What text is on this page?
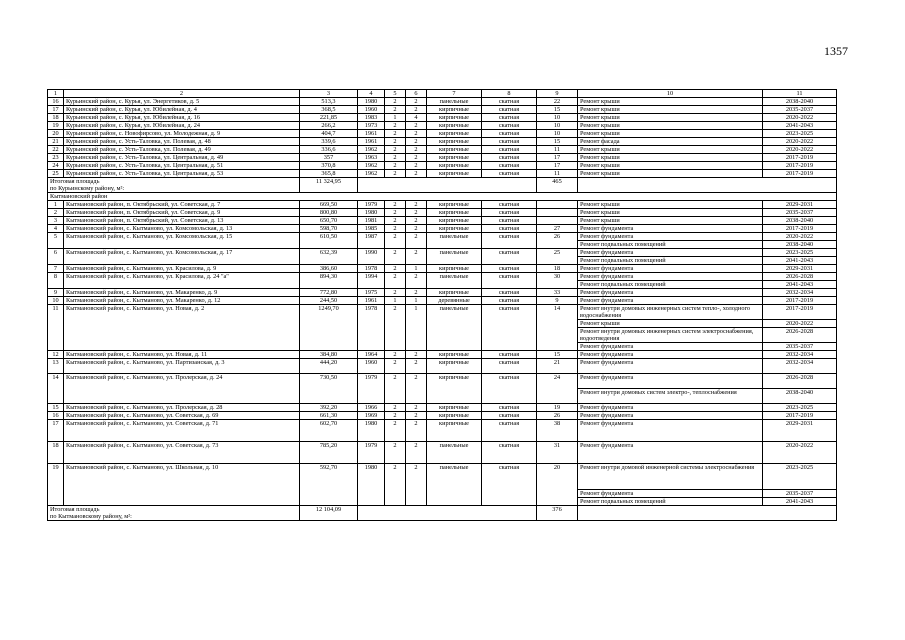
1357
1	2	3	4	5	6	7	8	9	10	11
16	Курьинский район, с. Курья, ул. Энергетиков, д. 5	513,3	1980	2	2	панельные	скатная	22	Ремонт крыши	2038-2040
17	Курьинский район, с. Курья, ул. Юбилейная, д. 4	368,5	1960	2	2	кирпичные	скатная	15	Ремонт крыши	2035-2037
18	Курьинский район, с. Курья, ул. Юбилейная, д. 16	221,85	1983	1	4	кирпичные	скатная	10	Ремонт крыши	2020-2022
19	Курьинский район, с. Курья, ул. Юбилейная, д. 24	266,2	1973	2	2	кирпичные	скатная	10	Ремонт крыши	2041-2043
20	Курьинский район, с. Новофирсово, ул. Молодежная, д. 9	404,7	1961	2	2	кирпичные	скатная	10	Ремонт крыши	2023-2025
21	Курьинский район, с. Усть-Таловка, ул. Полевая, д. 48	339,6	1961	2	2	кирпичные	скатная	15	Ремонт фасада	2020-2022
22	Курьинский район, с. Усть-Таловка, ул. Полевая, д. 49	336,6	1962	2	2	кирпичные	скатная	11	Ремонт крыши	2020-2022
23	Курьинский район, с. Усть-Таловка, ул. Центральная, д. 49	357	1963	2	2	кирпичные	скатная	17	Ремонт крыши	2017-2019
24	Курьинский район, с. Усть-Таловка, ул. Центральная, д. 51	370,8	1962	2	2	кирпичные	скатная	17	Ремонт крыши	2017-2019
25	Курьинский район, с. Усть-Таловка, ул. Центральная, д. 53	365,8	1962	2	2	кирпичные	скатная	11	Ремонт крыши	2017-2019
Итоговая площадь
по Курьинскому району, м²:		11 324,95						465		
Кытмановский район										
1	Кытмановский район, п. Октябрьский, ул. Советская, д. 7	669,50	1979	2	2	кирпичные	скатная		Ремонт крыши	2029-2031
2	Кытмановский район, п. Октябрьский, ул. Советская, д. 9	800,80	1980	2	2	кирпичные	скатная		Ремонт крыши	2035-2037
3	Кытмановский район, п. Октябрьский, ул. Советская, д. 13	650,70	1981	2	2	кирпичные	скатная		Ремонт крыши	2038-2040
4	Кытмановский район, с. Кытманово, ул. Комсомольская, д. 13	598,70	1985	2	2	кирпичные	скатная	27	Ремонт фундамента	2017-2019
5	Кытмановский район, с. Кытманово, ул. Комсомольская, д. 15	610,50	1987	2	2	панельные	скатная	26	Ремонт фундамента	2020-2022
									Ремонт подвальных помещений	2038-2040
6	Кытмановский район, с. Кытманово, ул. Комсомольская, д. 17	632,39	1990	2	2	панельные	скатная	25	Ремонт фундамента	2023-2025
									Ремонт подвальных помещений	2041-2043
7	Кытмановский район, с. Кытманово, ул. Красилова, д. 9	386,60	1978	2	1	кирпичные	скатная	18	Ремонт фундамента	2029-2031
8	Кытмановский район, с. Кытманово, ул. Красилова, д. 24 "а"	894,30	1994	2	2	панельные	скатная	30	Ремонт фундамента	2026-2028
									Ремонт подвальных помещений	2041-2043
9	Кытмановский район, с. Кытманово, ул. Макаренко, д. 9	772,80	1975	2	2	кирпичные	скатная	33	Ремонт фундамента	2032-2034
10	Кытмановский район, с. Кытманово, ул. Макаренко, д. 12	244,50	1961	1	1	деревянные	скатная	9	Ремонт фундамента	2017-2019
11	Кытмановский район, с. Кытманово, ул. Новая, д. 2	1249,70	1978	2	1	панельные	скатная	14	Ремонт внутри домовых инженерных систем тепло-, холодного водоснабжения	2017-2019
									Ремонт крыши	2020-2022
									Ремонт внутри домовых инженерных систем электроснабжения, водоотведения	2026-2028
									Ремонт фундамента	2035-2037
12	Кытмановский район, с. Кытманово, ул. Новая, д. 11	384,80	1964	2	2	кирпичные	скатная	15	Ремонт фундамента	2032-2034
13	Кытмановский район, с. Кытманово, ул. Партизанская, д. 3	444,20	1960	2	2	кирпичные	скатная	21	Ремонт фундамента	2032-2034
14	Кытмановский район, с. Кытманово, ул. Пролерская, д. 24	730,50	1979	2	2	кирпичные	скатная	24	Ремонт фундамента	2026-2028
									Ремонт внутри домовых систем электро-, теплоснабжения	2038-2040
15	Кытмановский район, с. Кытманово, ул. Пролерская, д. 28	392,20	1966	2	2	кирпичные	скатная	19	Ремонт фундамента	2023-2025
16	Кытмановский район, с. Кытманово, ул. Советская, д. 69	661,30	1969	2	2	кирпичные	скатная	26	Ремонт фундамента	2017-2019
17	Кытмановский район, с. Кытманово, ул. Советская, д. 71	602,70	1980	2	2	кирпичные	скатная	38	Ремонт фундамента	2029-2031
18	Кытмановский район, с. Кытманово, ул. Советская, д. 73	785,20	1979	2	2	панельные	скатная	31	Ремонт фундамента	2020-2022
19	Кытмановский район, с. Кытманово, ул. Школьная, д. 10	592,70	1980	2	2	панельные	скатная	20	Ремонт внутри домовой инженерной системы электроснабжения	2023-2025
									Ремонт фундамента	2035-2037
									Ремонт подвальных помещений	2041-2043
Итоговая площадь
по Кытмановскому району, м²:		12 104,09						376		
